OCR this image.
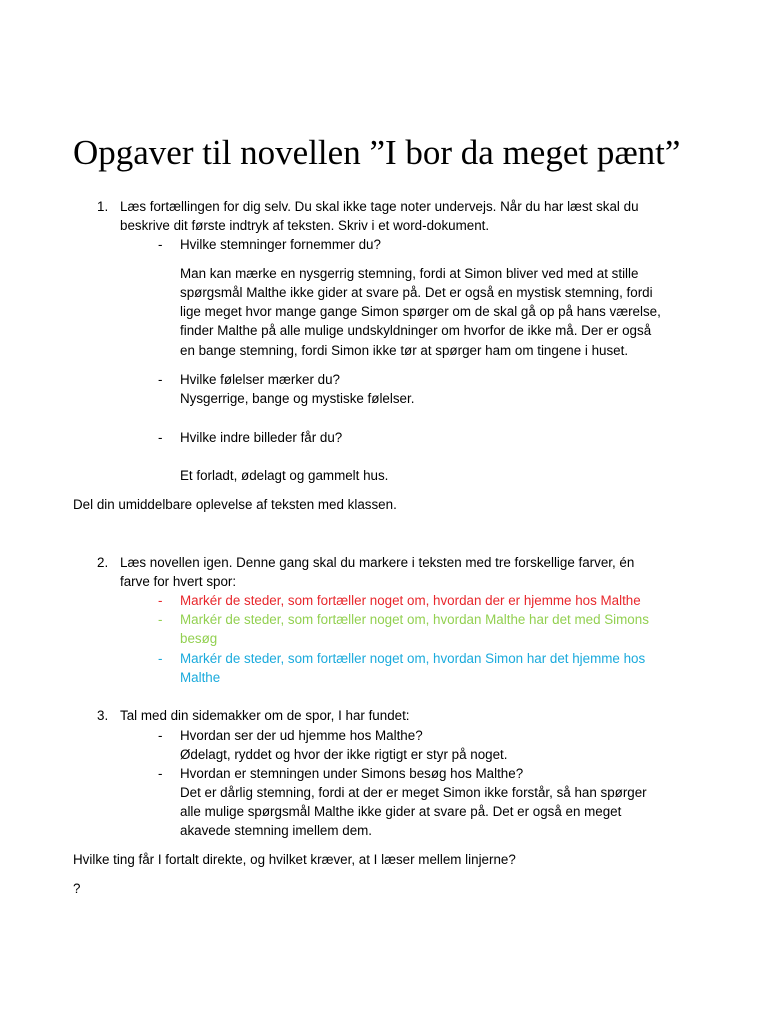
Opgaver til novellen ”I bor da meget pænt”
1. Læs fortællingen for dig selv. Du skal ikke tage noter undervejs. Når du har læst skal du
beskrive dit første indtryk af teksten. Skriv i et word-dokument.
- Hvilke stemninger fornemmer du?
Man kan mærke en nysgerrig stemning, fordi at Simon bliver ved med at stille
spørgsmål Malthe ikke gider at svare på. Det er også en mystisk stemning, fordi
lige meget hvor mange gange Simon spørger om de skal gå op på hans værelse,
finder Malthe på alle mulige undskyldninger om hvorfor de ikke må. Der er også
en bange stemning, fordi Simon ikke tør at spørger ham om tingene i huset.
- Hvilke følelser mærker du?
Nysgerrige, bange og mystiske følelser.
- Hvilke indre billeder får du?
Et forladt, ødelagt og gammelt hus.
Del din umiddelbare oplevelse af teksten med klassen.
2. Læs novellen igen. Denne gang skal du markere i teksten med tre forskellige farver, én
farve for hvert spor:
- Markér de steder, som fortæller noget om, hvordan der er hjemme hos Malthe
- Markér de steder, som fortæller noget om, hvordan Malthe har det med Simons
besøg
- Markér de steder, som fortæller noget om, hvordan Simon har det hjemme hos
Malthe
3. Tal med din sidemakker om de spor, I har fundet:
- Hvordan ser der ud hjemme hos Malthe?
Ødelagt, ryddet og hvor der ikke rigtigt er styr på noget.
- Hvordan er stemningen under Simons besøg hos Malthe?
Det er dårlig stemning, fordi at der er meget Simon ikke forstår, så han spørger
alle mulige spørgsmål Malthe ikke gider at svare på. Det er også en meget
akavede stemning imellem dem.
Hvilke ting får I fortalt direkte, og hvilket kræver, at I læser mellem linjerne?
?
